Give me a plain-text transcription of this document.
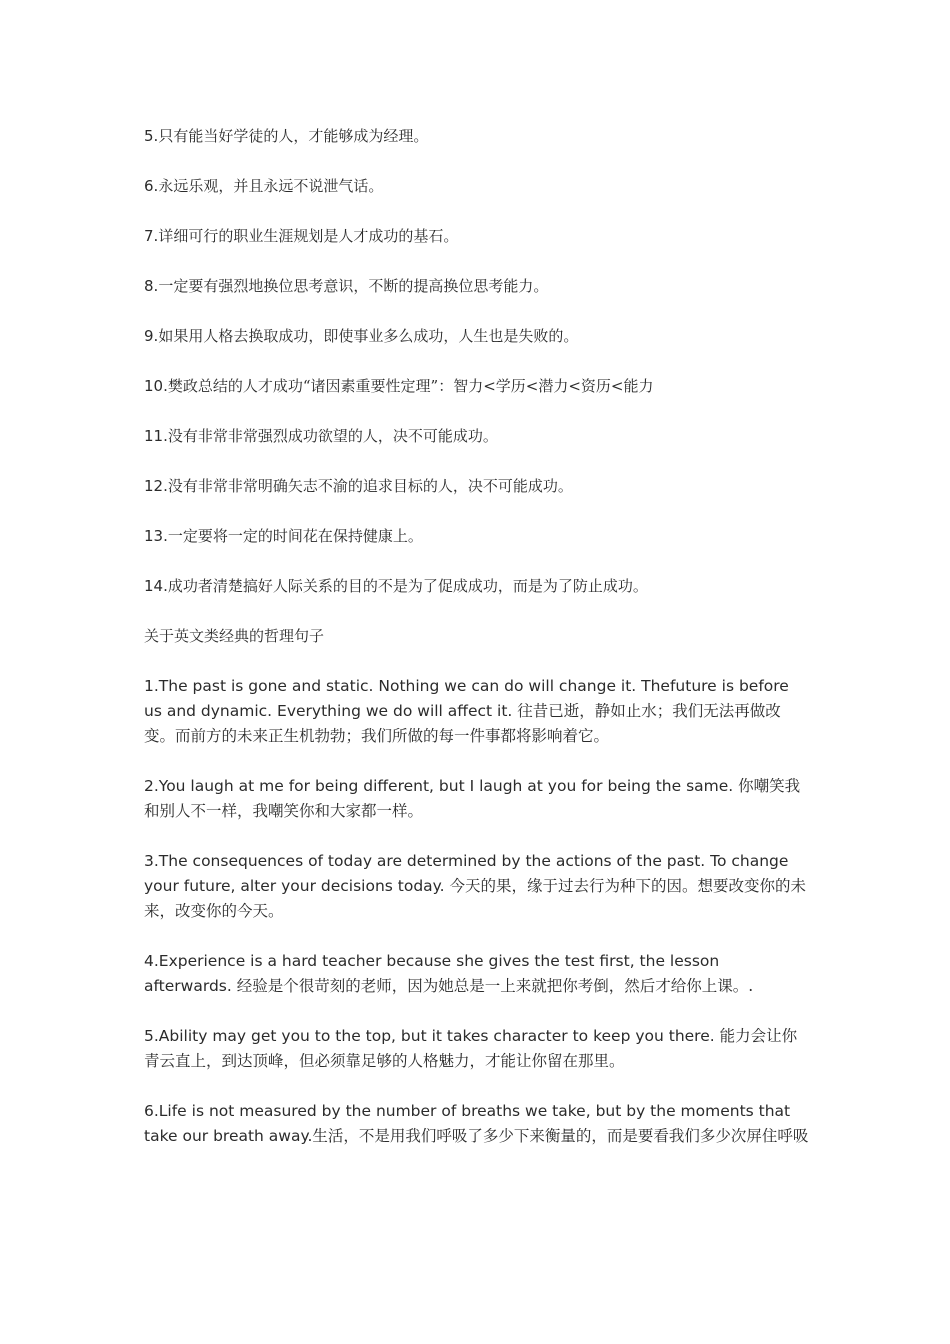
5.只有能当好学徒的人，才能够成为经理。
6.永远乐观，并且永远不说泄气话。
7.详细可行的职业生涯规划是人才成功的基石。
8.一定要有强烈地换位思考意识，不断的提高换位思考能力。
9.如果用人格去换取成功，即使事业多么成功，人生也是失败的。
10.樊政总结的人才成功“诸因素重要性定理”：智力<学历<潜力<资历<能力
11.没有非常非常强烈成功欲望的人，决不可能成功。
12.没有非常非常明确矢志不渝的追求目标的人，决不可能成功。
13.一定要将一定的时间花在保持健康上。
14.成功者清楚搞好人际关系的目的不是为了促成成功，而是为了防止成功。
关于英文类经典的哲理句子
1.The past is gone and static. Nothing we can do will change it. Thefuture is before us and dynamic. Everything we do will affect it. 往昔已逝，静如止水；我们无法再做改变。而前方的未来正生机勃勃；我们所做的每一件事都将影响着它。
2.You laugh at me for being different, but I laugh at you for being the same. 你嘲笑我和别人不一样，我嘲笑你和大家都一样。
3.The consequences of today are determined by the actions of the past. To change your future, alter your decisions today. 今天的果，缘于过去行为种下的因。想要改变你的未来，改变你的今天。
4.Experience is a hard teacher because she gives the test first, the lesson afterwards. 经验是个很苛刻的老师，因为她总是一上来就把你考倒，然后才给你上课。.
5.Ability may get you to the top, but it takes character to keep you there. 能力会让你青云直上，到达顶峰，但必须靠足够的人格魅力，才能让你留在那里。
6.Life is not measured by the number of breaths we take, but by the moments that take our breath away.生活，不是用我们呼吸了多少下来衡量的，而是要看我们多少次屏住呼吸
